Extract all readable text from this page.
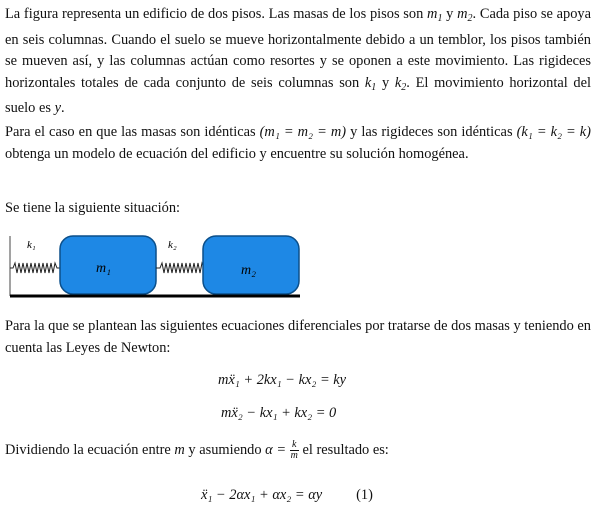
La figura representa un edificio de dos pisos. Las masas de los pisos son $m_1$ y $m_2$. Cada piso se apoya en seis columnas. Cuando el suelo se mueve horizontalmente debido a un temblor, los pisos también se mueven así, y las columnas actúan como resortes y se oponen a este movimiento. Las rigideces horizontales totales de cada conjunto de seis columnas son $k_1$ y $k_2$. El movimiento horizontal del suelo es y.

Para el caso en que las masas son idénticas (m₁ = m₂ = m) y las rigideces son idénticas (k₁ = k₂ = k) obtenga un modelo de ecuación del edificio y encuentre su solución homogénea.

Se tiene la siguiente situación:

k₁	k₂
m₁	m₂

Para la que se plantean las siguientes ecuaciones diferenciales por tratarse de dos masas y teniendo en cuenta las Leyes de Newton:

mẍ₁ + 2kx₁ − kx₂ = ky
mẍ₂ − kx₁ + kx₂ = 0

Dividiendo la ecuación entre m y asumiendo $\alpha = \frac{k}{m}$ el resultado es:

ẍ₁ − 2αx₁ + αx₂ = αy (1)
